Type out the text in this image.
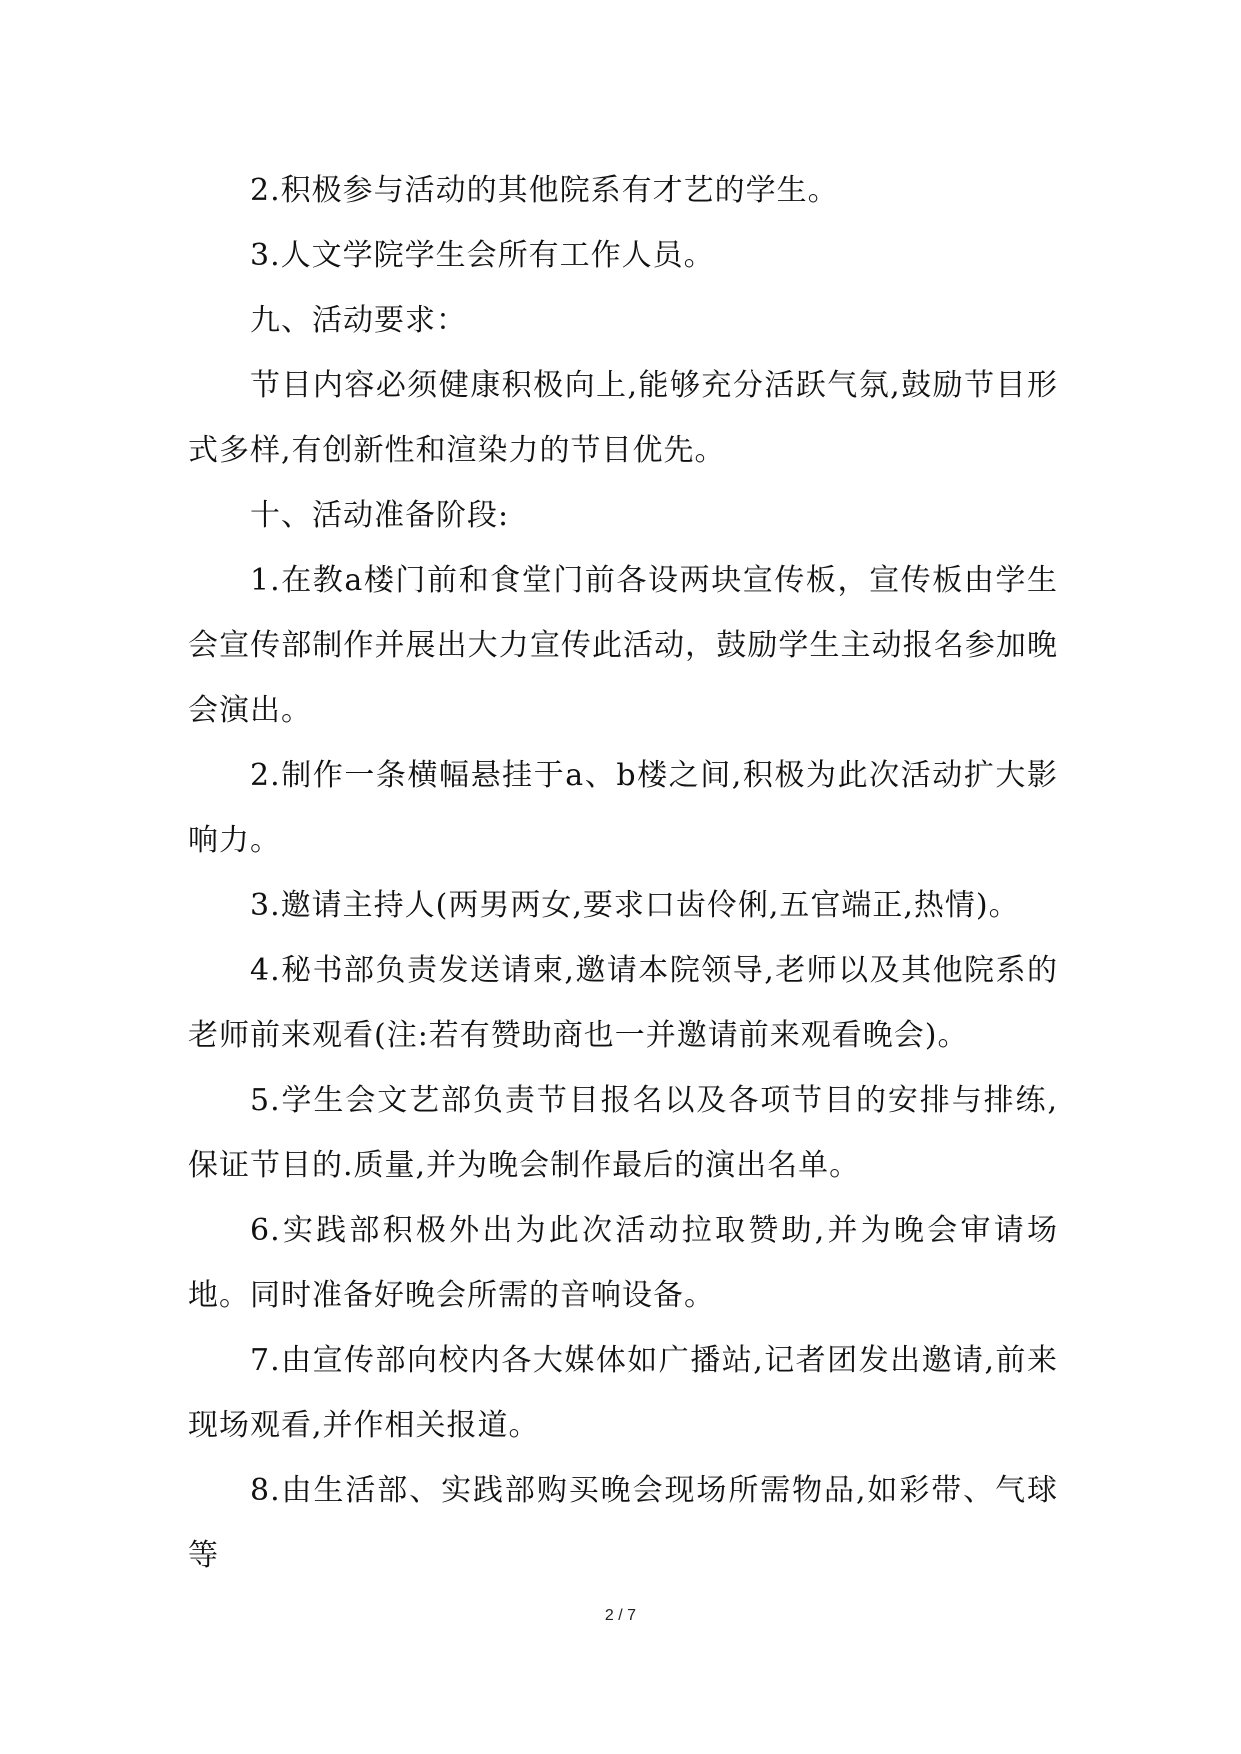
2.积极参与活动的其他院系有才艺的学生。

3.人文学院学生会所有工作人员。

九、活动要求：

节目内容必须健康积极向上,能够充分活跃气氛,鼓励节目形式多样,有创新性和渲染力的节目优先。

十、活动准备阶段:

1.在教a楼门前和食堂门前各设两块宣传板，宣传板由学生会宣传部制作并展出大力宣传此活动，鼓励学生主动报名参加晚会演出。

2.制作一条横幅悬挂于a、b楼之间,积极为此次活动扩大影响力。

3.邀请主持人(两男两女,要求口齿伶俐,五官端正,热情)。

4.秘书部负责发送请柬,邀请本院领导,老师以及其他院系的老师前来观看(注:若有赞助商也一并邀请前来观看晚会)。

5.学生会文艺部负责节目报名以及各项节目的安排与排练,保证节目的.质量,并为晚会制作最后的演出名单。

6.实践部积极外出为此次活动拉取赞助,并为晚会审请场地。同时准备好晚会所需的音响设备。

7.由宣传部向校内各大媒体如广播站,记者团发出邀请,前来现场观看,并作相关报道。

8.由生活部、实践部购买晚会现场所需物品,如彩带、气球等

2 / 7
